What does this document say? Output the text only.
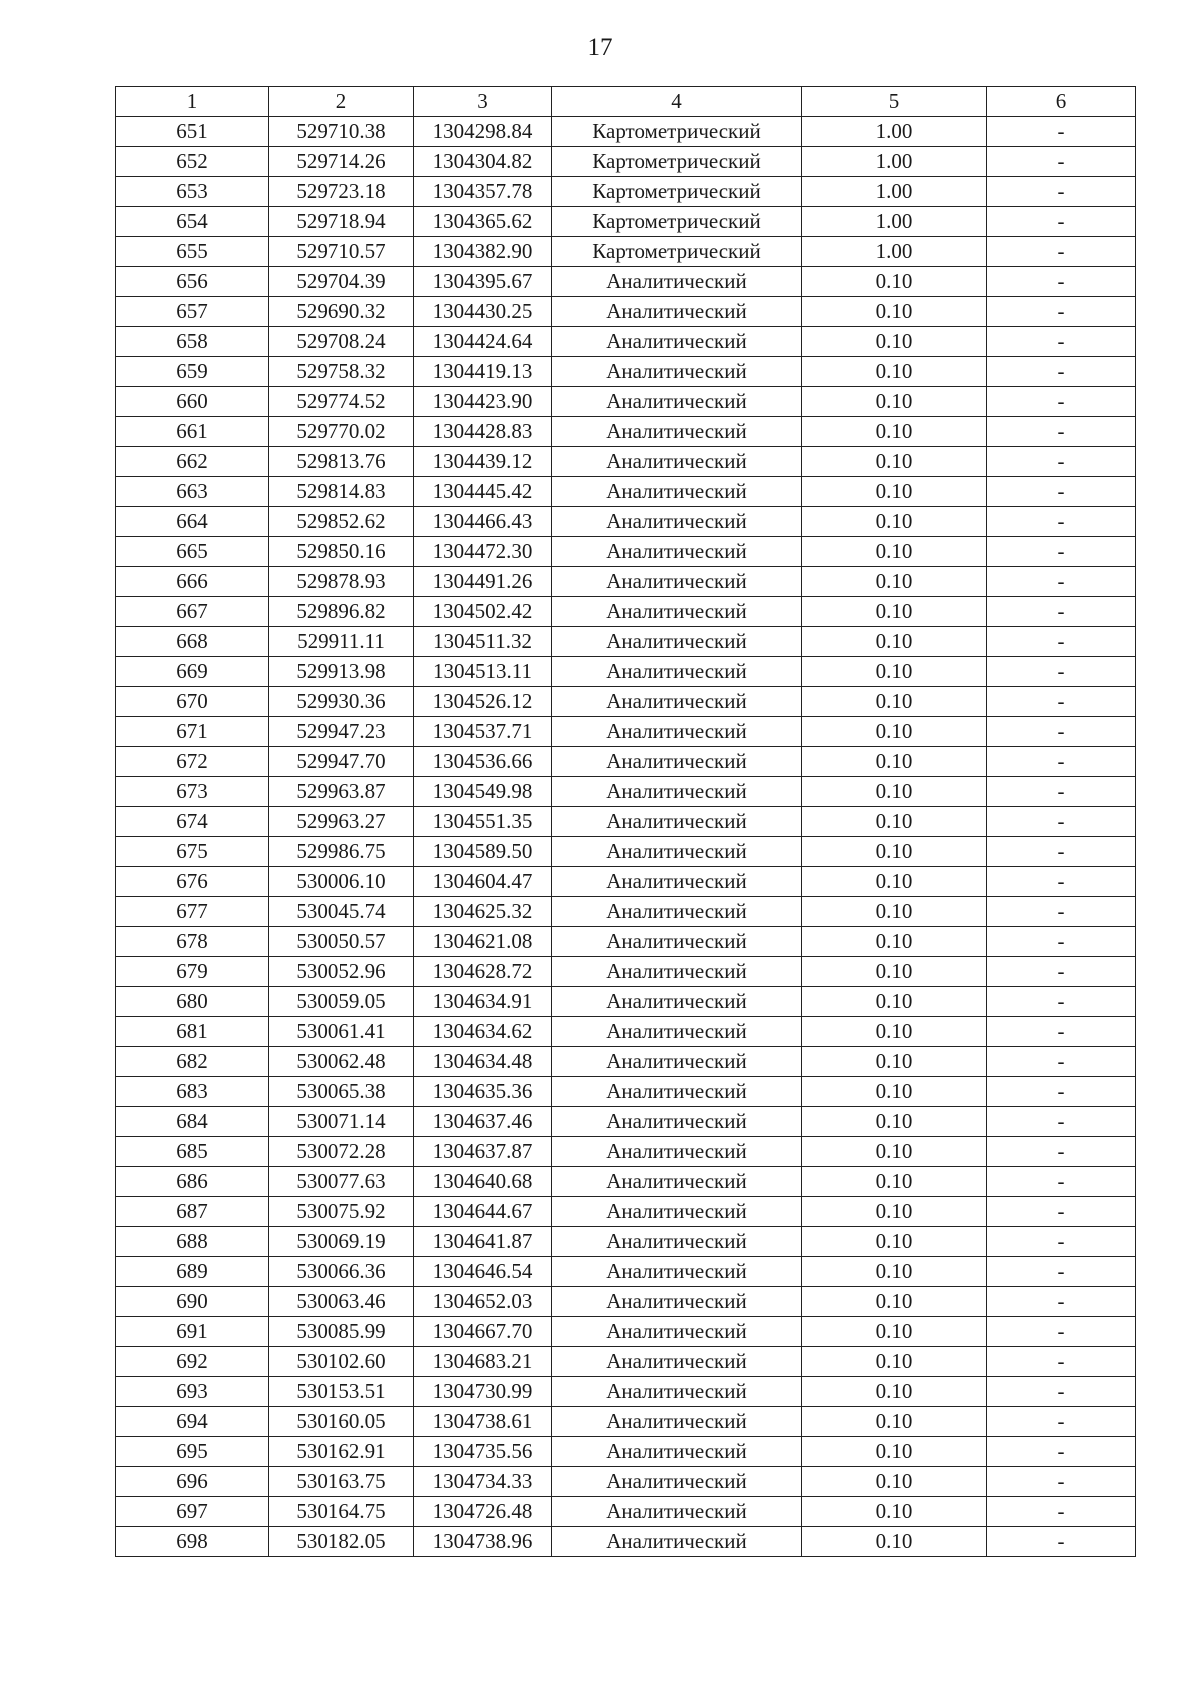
17
1	2	3	4	5	6
651	529710.38	1304298.84	Картометрический	1.00	-
652	529714.26	1304304.82	Картометрический	1.00	-
653	529723.18	1304357.78	Картометрический	1.00	-
654	529718.94	1304365.62	Картометрический	1.00	-
655	529710.57	1304382.90	Картометрический	1.00	-
656	529704.39	1304395.67	Аналитический	0.10	-
657	529690.32	1304430.25	Аналитический	0.10	-
658	529708.24	1304424.64	Аналитический	0.10	-
659	529758.32	1304419.13	Аналитический	0.10	-
660	529774.52	1304423.90	Аналитический	0.10	-
661	529770.02	1304428.83	Аналитический	0.10	-
662	529813.76	1304439.12	Аналитический	0.10	-
663	529814.83	1304445.42	Аналитический	0.10	-
664	529852.62	1304466.43	Аналитический	0.10	-
665	529850.16	1304472.30	Аналитический	0.10	-
666	529878.93	1304491.26	Аналитический	0.10	-
667	529896.82	1304502.42	Аналитический	0.10	-
668	529911.11	1304511.32	Аналитический	0.10	-
669	529913.98	1304513.11	Аналитический	0.10	-
670	529930.36	1304526.12	Аналитический	0.10	-
671	529947.23	1304537.71	Аналитический	0.10	-
672	529947.70	1304536.66	Аналитический	0.10	-
673	529963.87	1304549.98	Аналитический	0.10	-
674	529963.27	1304551.35	Аналитический	0.10	-
675	529986.75	1304589.50	Аналитический	0.10	-
676	530006.10	1304604.47	Аналитический	0.10	-
677	530045.74	1304625.32	Аналитический	0.10	-
678	530050.57	1304621.08	Аналитический	0.10	-
679	530052.96	1304628.72	Аналитический	0.10	-
680	530059.05	1304634.91	Аналитический	0.10	-
681	530061.41	1304634.62	Аналитический	0.10	-
682	530062.48	1304634.48	Аналитический	0.10	-
683	530065.38	1304635.36	Аналитический	0.10	-
684	530071.14	1304637.46	Аналитический	0.10	-
685	530072.28	1304637.87	Аналитический	0.10	-
686	530077.63	1304640.68	Аналитический	0.10	-
687	530075.92	1304644.67	Аналитический	0.10	-
688	530069.19	1304641.87	Аналитический	0.10	-
689	530066.36	1304646.54	Аналитический	0.10	-
690	530063.46	1304652.03	Аналитический	0.10	-
691	530085.99	1304667.70	Аналитический	0.10	-
692	530102.60	1304683.21	Аналитический	0.10	-
693	530153.51	1304730.99	Аналитический	0.10	-
694	530160.05	1304738.61	Аналитический	0.10	-
695	530162.91	1304735.56	Аналитический	0.10	-
696	530163.75	1304734.33	Аналитический	0.10	-
697	530164.75	1304726.48	Аналитический	0.10	-
698	530182.05	1304738.96	Аналитический	0.10	-
